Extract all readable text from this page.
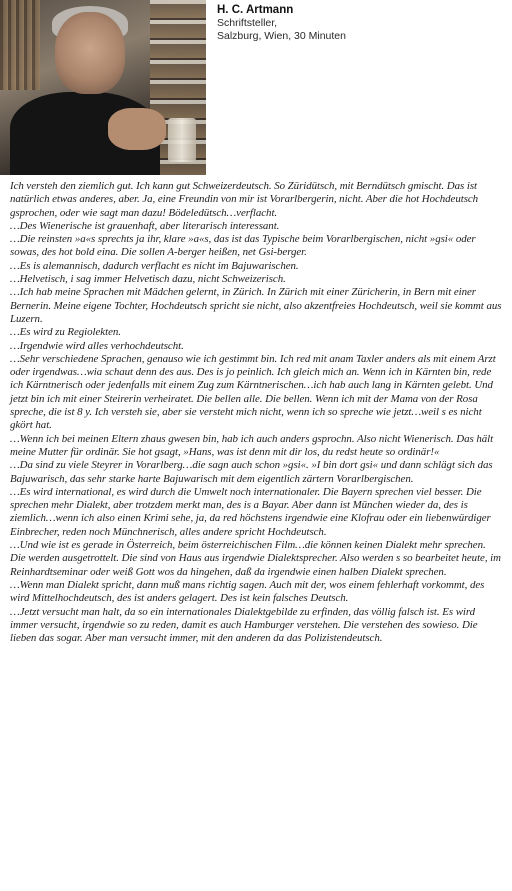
H. C. Artmann
Schriftsteller,
Salzburg, Wien, 30 Minuten

Ich versteh den ziemlich gut. Ich kann gut Schweizerdeutsch. So Züridütsch, mit Berndütsch gmischt. Das ist natürlich etwas anderes, aber. Ja, eine Freundin von mir ist Vorarlbergerin, nicht. Aber die hot Hochdeutsch gsprochen, oder wie sagt man dazu! Bödeledütsch…verflacht.

…Des Wienerische ist grauenhaft, aber literarisch interessant.

…Die reinsten »a«s sprechts ja ihr, klare »a«s, das ist das Typische beim Vorarlbergischen, nicht »gsi« oder sowas, des hot bold eina. Die sollen A-berger heißen, net Gsi-berger.

…Es is alemannisch, dadurch verflacht es nicht im Bajuwarischen.

…Helvetisch, i sag immer Helvetisch dazu, nicht Schweizerisch.

…Ich hab meine Sprachen mit Mädchen gelernt, in Zürich. In Zürich mit einer Züricherin, in Bern mit einer Bernerin. Meine eigene Tochter, Hochdeutsch spricht sie nicht, also akzentfreies Hochdeutsch, weil sie kommt aus Luzern.

…Es wird zu Regiolekten.

…Irgendwie wird alles verhochdeutscht.

…Sehr verschiedene Sprachen, genauso wie ich gestimmt bin. Ich red mit anam Taxler anders als mit einem Arzt oder irgendwas…wia schaut denn des aus. Des is jo peinlich. Ich gleich mich an. Wenn ich in Kärnten bin, rede ich Kärntnerisch oder jedenfalls mit einem Zug zum Kärntnerischen…ich hab auch lang in Kärnten gelebt. Und jetzt bin ich mit einer Steirerin verheiratet. Die bellen alle. Die bellen. Wenn ich mit der Mama von der Rosa spreche, die ist 8 y. Ich versteh sie, aber sie versteht mich nicht, wenn ich so spreche wie jetzt…weil s es nicht gkört hat.

…Wenn ich bei meinen Eltern zhaus gwesen bin, hab ich auch anders gsprochn. Also nicht Wienerisch. Das hält meine Mutter für ordinär. Sie hot gsagt, »Hans, was ist denn mit dir los, du redst heute so ordinär!«

…Da sind zu viele Steyrer in Vorarlberg…die sagn auch schon »gsi«. »I bin dort gsi« und dann schlägt sich das Bajuwarisch, das sehr starke harte Bajuwarisch mit dem eigentlich zärtern Vorarlbergischen.

…Es wird international, es wird durch die Umwelt noch internationaler. Die Bayern sprechen viel besser. Die sprechen mehr Dialekt, aber trotzdem merkt man, des is a Bayar. Aber dann ist München wieder da, des is ziemlich…wenn ich also einen Krimi sehe, ja, da red höchstens irgendwie eine Klofrau oder ein liebenwürdiger Einbrecher, reden noch Münchnerisch, alles andere spricht Hochdeutsch.

…Und wie ist es gerade in Österreich, beim österreichischen Film…die können keinen Dialekt mehr sprechen. Die werden ausgetrottelt. Die sind von Haus aus irgendwie Dialektsprecher. Also werden s so bearbeitet heute, im Reinhardtseminar oder weiß Gott wos da hingehen, daß da irgendwie einen halben Dialekt sprechen.

…Wenn man Dialekt spricht, dann muß mans richtig sagen. Auch mit der, wos einem fehlerhaft vorkommt, des wird Mittelhochdeutsch, des ist anders gelagert. Des ist kein falsches Deutsch.

…Jetzt versucht man halt, da so ein internationales Dialektgebilde zu erfinden, das völlig falsch ist. Es wird immer versucht, irgendwie so zu reden, damit es auch Hamburger verstehen. Die verstehen des sowieso. Die lieben das sogar. Aber man versucht immer, mit den anderen da das Polizistendeutsch.
